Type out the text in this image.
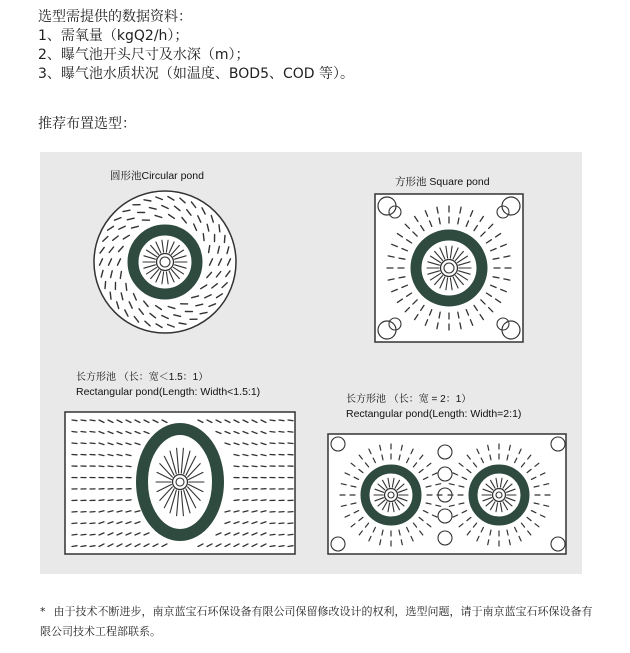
选型需提供的数据资料：
1、需氧量（kgQ2/h）；
2、曝气池开头尺寸及水深（m）；
3、曝气池水质状况（如温度、BOD5、COD 等）。
推荐布置选型：
圆形池Circular pond	方形池 Square pond
长方形池 （长：宽＜1.5：1）
Rectangular pond(Length: Width<1.5:1)
长方形池 （长：宽 = 2：1）
Rectangular pond(Length: Width=2:1)
* 由于技术不断进步，南京蓝宝石环保设备有限公司保留修改设计的权利，选型问题，请于南京蓝宝石环保设备有限公司技术工程部联系。
